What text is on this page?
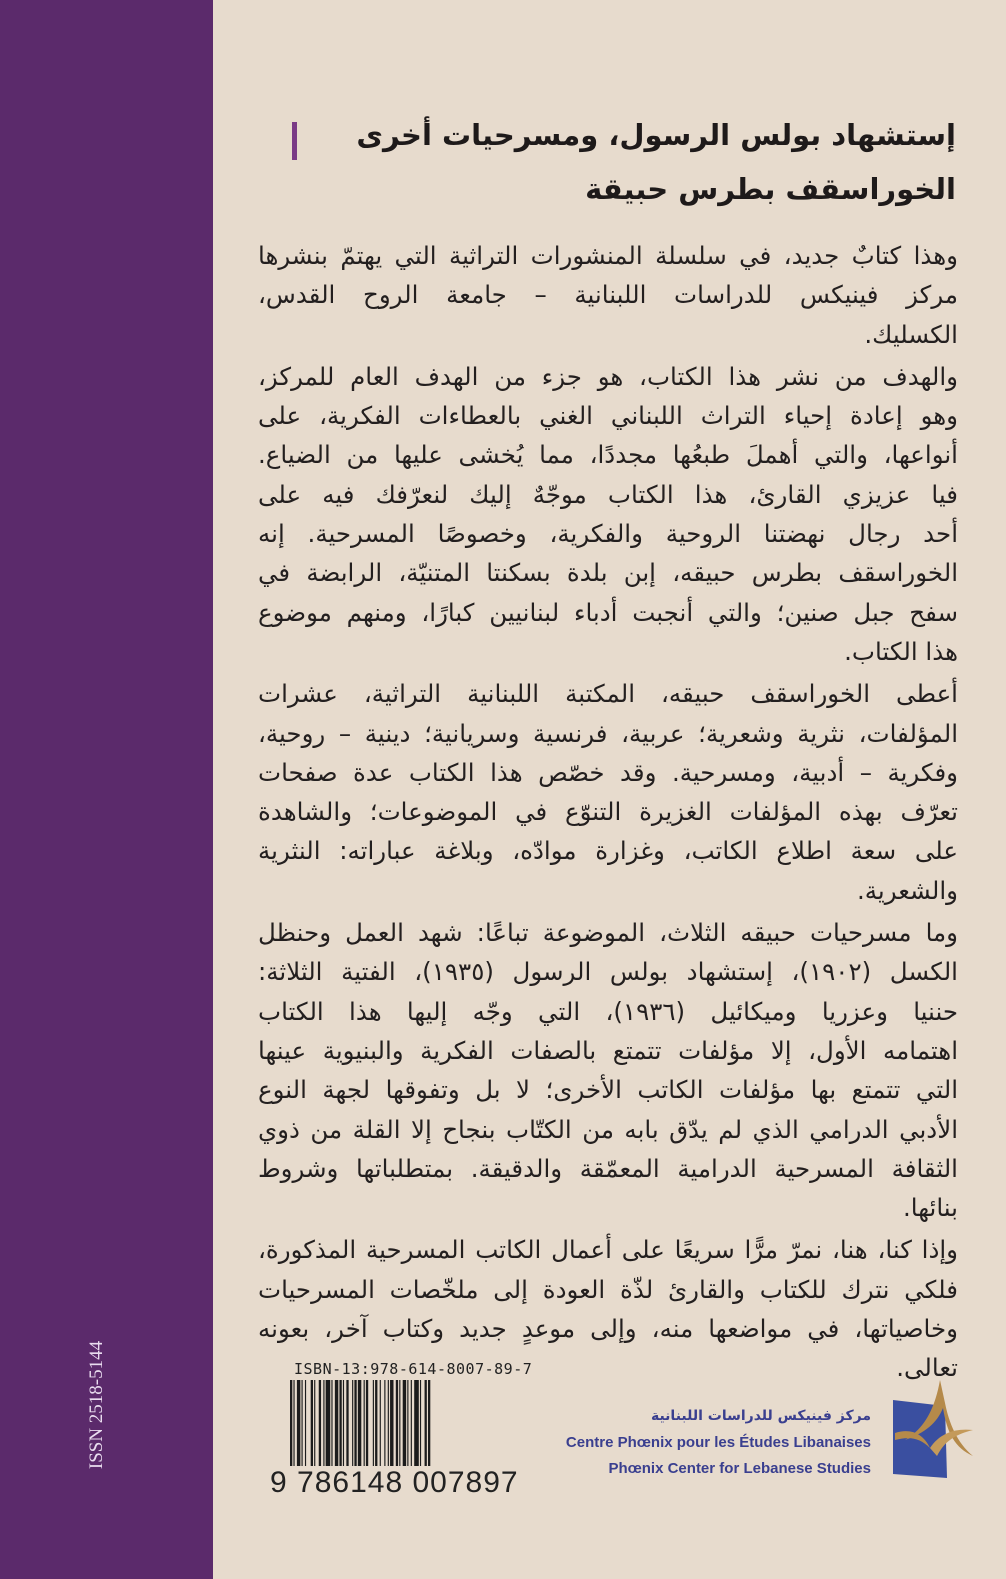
ISSN 2518-5144
إستشهاد بولس الرسول، ومسرحيات أخرى
الخوراسقف بطرس حبيقة
وهذا كتابٌ جديد، في سلسلة المنشورات التراثية التي يهتمّ بنشرها
مركز فينيكس للدراسات اللبنانية – جامعة الروح القدس،
الكسليك.
والهدف من نشر هذا الكتاب، هو جزء من الهدف العام للمركز،
وهو إعادة إحياء التراث اللبناني الغني بالعطاءات الفكرية، على
أنواعها، والتي أهملَ طبعُها مجددًا، مما يُخشى عليها من الضياع.
فيا عزيزي القارئ، هذا الكتاب موجّهٌ إليك لنعرّفك فيه على
أحد رجال نهضتنا الروحية والفكرية، وخصوصًا المسرحية. إنه
الخوراسقف بطرس حبيقه، إبن بلدة بسكنتا المتنيّة، الرابضة في
سفح جبل صنين؛ والتي أنجبت أدباء لبنانيين كبارًا، ومنهم موضوع
هذا الكتاب.
أعطى الخوراسقف حبيقه، المكتبة اللبنانية التراثية، عشرات
المؤلفات، نثرية وشعرية؛ عربية، فرنسية وسريانية؛ دينية – روحية،
وفكرية – أدبية، ومسرحية. وقد خصّص هذا الكتاب عدة صفحات
تعرّف بهذه المؤلفات الغزيرة التنوّع في الموضوعات؛ والشاهدة
على سعة اطلاع الكاتب، وغزارة موادّه، وبلاغة عباراته: النثرية
والشعرية.
وما مسرحيات حبيقه الثلاث، الموضوعة تباعًا: شهد العمل وحنظل
الكسل (١٩٠٢)، إستشهاد بولس الرسول (١٩٣٥)، الفتية الثلاثة:
حننيا وعزريا وميكائيل (١٩٣٦)، التي وجّه إليها هذا الكتاب
اهتمامه الأول، إلا مؤلفات تتمتع بالصفات الفكرية والبنيوية عينها
التي تتمتع بها مؤلفات الكاتب الأخرى؛ لا بل وتفوقها لجهة النوع
الأدبي الدرامي الذي لم يدّق بابه من الكتّاب بنجاح إلا القلة من ذوي
الثقافة المسرحية الدرامية المعمّقة والدقيقة. بمتطلباتها وشروط
بنائها.
وإذا كنا، هنا، نمرّ مرًّا سريعًا على أعمال الكاتب المسرحية المذكورة،
فلكي نترك للكتاب والقارئ لذّة العودة إلى ملخّصات المسرحيات
وخاصياتها، في مواضعها منه، وإلى موعدٍ جديد وكتاب آخر، بعونه
تعالى.
ISBN-13:978-614-8007-89-7
9 786148 007897
مركز فينيكس للدراسات اللبنانية
Centre Phœnix pour les Études Libanaises
Phœnix Center for Lebanese Studies
